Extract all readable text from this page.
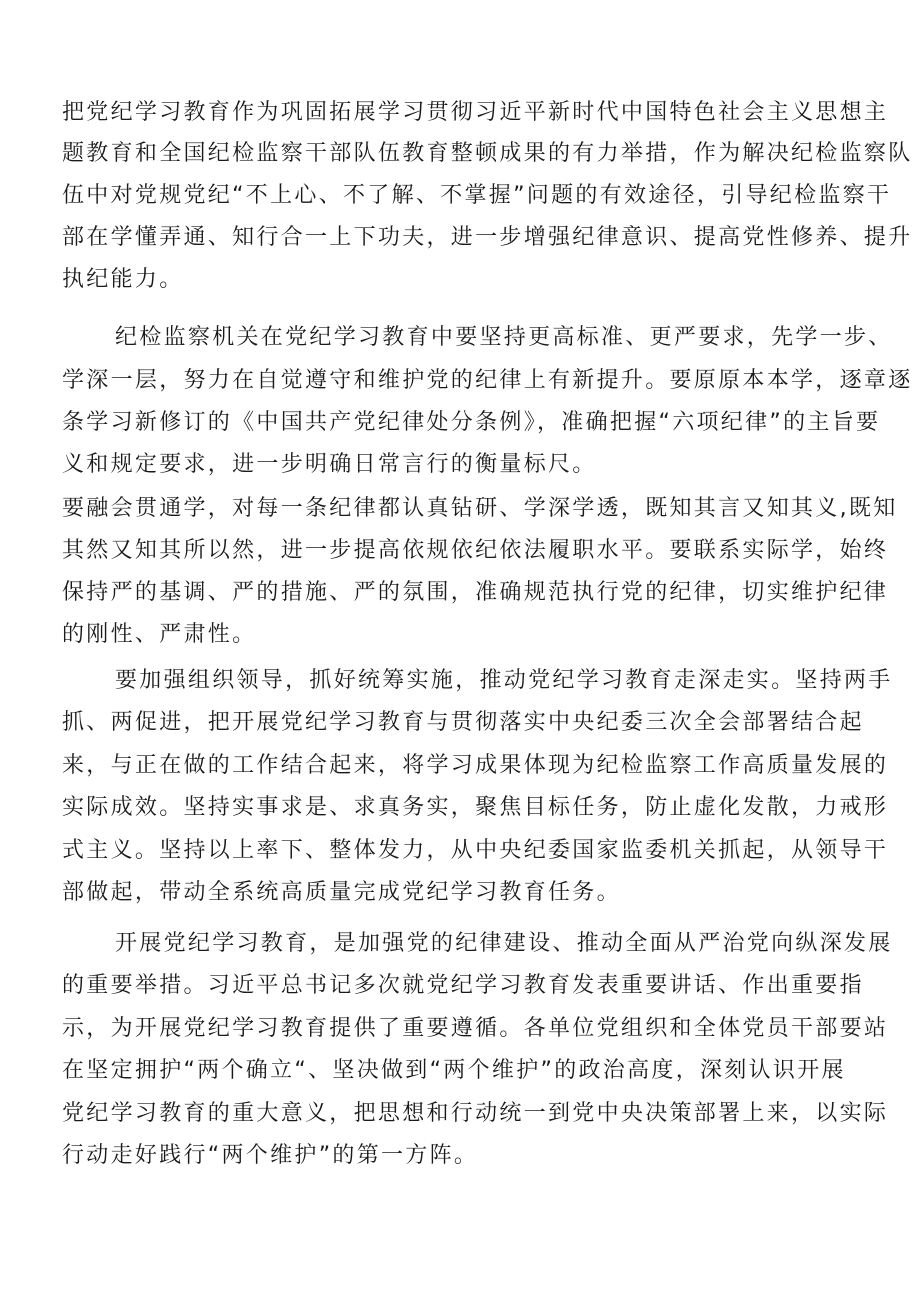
把党纪学习教育作为巩固拓展学习贯彻习近平新时代中国特色社会主义思想主
题教育和全国纪检监察干部队伍教育整顿成果的有力举措，作为解决纪检监察队
伍中对党规党纪“不上心、不了解、不掌握”问题的有效途径，引导纪检监察干
部在学懂弄通、知行合一上下功夫，进一步增强纪律意识、提高党性修养、提升
执纪能力。
纪检监察机关在党纪学习教育中要坚持更高标准、更严要求，先学一步、
学深一层，努力在自觉遵守和维护党的纪律上有新提升。要原原本本学，逐章逐
条学习新修订的《中国共产党纪律处分条例》，准确把握“六项纪律”的主旨要
义和规定要求，进一步明确日常言行的衡量标尺。
要融会贯通学，对每一条纪律都认真钻研、学深学透，既知其言又知其义,既知
其然又知其所以然，进一步提高依规依纪依法履职水平。要联系实际学，始终
保持严的基调、严的措施、严的氛围，准确规范执行党的纪律，切实维护纪律
的刚性、严肃性。
要加强组织领导，抓好统筹实施，推动党纪学习教育走深走实。坚持两手
抓、两促进，把开展党纪学习教育与贯彻落实中央纪委三次全会部署结合起
来，与正在做的工作结合起来，将学习成果体现为纪检监察工作高质量发展的
实际成效。坚持实事求是、求真务实，聚焦目标任务，防止虚化发散，力戒形
式主义。坚持以上率下、整体发力，从中央纪委国家监委机关抓起，从领导干
部做起，带动全系统高质量完成党纪学习教育任务。
开展党纪学习教育，是加强党的纪律建设、推动全面从严治党向纵深发展
的重要举措。习近平总书记多次就党纪学习教育发表重要讲话、作出重要指
示，为开展党纪学习教育提供了重要遵循。各单位党组织和全体党员干部要站
在坚定拥护“两个确立“、坚决做到“两个维护”的政治高度，深刻认识开展
党纪学习教育的重大意义，把思想和行动统一到党中央决策部署上来，以实际
行动走好践行“两个维护”的第一方阵。
